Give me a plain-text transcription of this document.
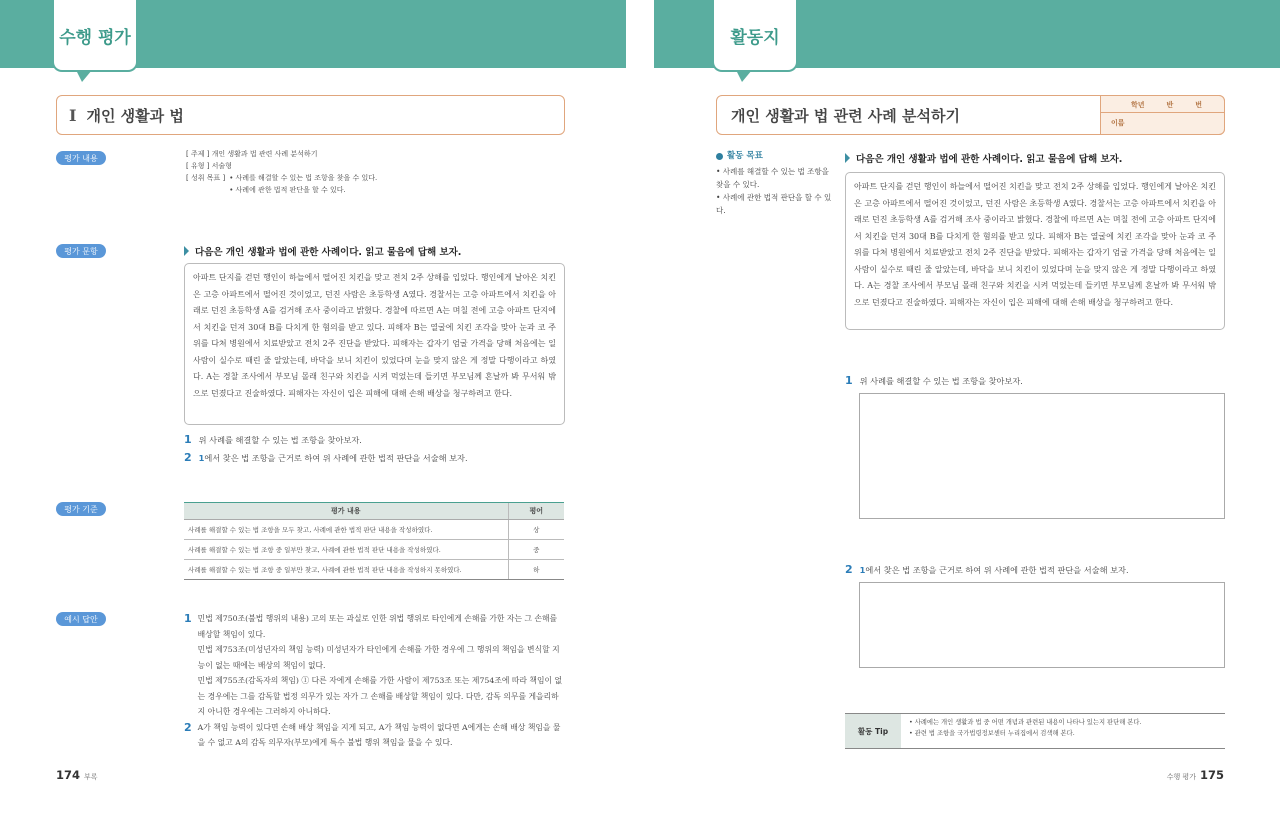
수행 평가
I 개인 생활과 법
평가 내용	[ 주제 ] 개인 생활과 법 관련 사례 분석하기
[ 유형 ] 서술형
[ 성취 목표 ] • 사례를 해결할 수 있는 법 조항을 찾을 수 있다.
• 사례에 관한 법적 판단을 할 수 있다.
평가 문항	다음은 개인 생활과 법에 관한 사례이다. 읽고 물음에 답해 보자.
아파트 단지를 걷던 행인이 하늘에서 떨어진 치킨을 맞고 전치 2주 상해를 입었다. 행인에게 날아온 치킨은 고층 아파트에서 떨어진 것이었고, 던진 사람은 초등학생 A였다. 경찰서는 고층 아파트에서 치킨을 아래로 던진 초등학생 A를 검거해 조사 중이라고 밝혔다. 경찰에 따르면 A는 며칠 전에 고층 아파트 단지에서 치킨을 던져 30대 B를 다치게 한 혐의를 받고 있다. 피해자 B는 열굴에 치킨 조각을 맞아 눈과 코 주위를 다쳐 병원에서 치료받았고 전치 2주 진단을 받았다. 피해자는 갑자기 엄굴 가격을 당해 처음에는 일사람이 실수로 때린 줄 알았는데, 바닥을 보니 치킨이 있었다며 눈을 맞지 않은 게 정말 다행이라고 하였다. A는 경찰 조사에서 부모님 몰래 친구와 치킨을 시켜 먹었는데 들키면 부모님께 혼날까 봐 무서워 밖으로 던졌다고 진술하였다. 피해자는 자신이 입은 피해에 대해 손해 배상을 청구하려고 한다.
1 위 사례를 해결할 수 있는 법 조항을 찾아보자.
2 1에서 찾은 법 조항을 근거로 하여 위 사례에 관한 법적 판단을 서술해 보자.
평가 기준	평가 내용	평어
사례를 해결할 수 있는 법 조항을 모두 찾고, 사례에 관한 법적 판단 내용을 작성하였다.	상
사례를 해결할 수 있는 법 조항 중 일부만 찾고, 사례에 관한 법적 판단 내용을 작성하였다.	중
사례를 해결할 수 있는 법 조항 중 일부만 찾고, 사례에 관한 법적 판단 내용을 작성하지 못하였다.	하
예시 답안	1 민법 제750조(불법 행위의 내용) 고의 또는 과실로 인한 위법 행위로 타인에게 손해를 가한 자는 그 손해를 배상할 책임이 있다.
민법 제753조(미성년자의 책임 능력) 미성년자가 타인에게 손해를 가한 경우에 그 행위의 책임을 변식할 지능이 없는 때에는 배상의 책임이 없다.
민법 제755조(감독자의 책임) ① 다른 자에게 손해를 가한 사람이 제753조 또는 제754조에 따라 책임이 없는 경우에는 그를 감독할 법정 의무가 있는 자가 그 손해를 배상할 책임이 있다. 다만, 감독 의무를 게을리하지 아니한 경우에는 그러하지 아니하다.
2 A가 책임 능력이 있다면 손해 배상 책임을 지게 되고, A가 책임 능력이 없다면 A에게는 손해 배상 책임을 물을 수 없고 A의 감독 의무자(부모)에게 특수 불법 행위 책임을 물을 수 있다.
174 부록
활동지
개인 생활과 법 관련 사례 분석하기
학년	반	번
이름
활동 목표
• 사례를 해결할 수 있는 법 조항을 찾을 수 있다.
• 사례에 관한 법적 판단을 할 수 있다.
다음은 개인 생활과 법에 관한 사례이다. 읽고 물음에 답해 보자.
아파트 단지를 걷던 행인이 하늘에서 떨어진 치킨을 맞고 전치 2주 상해를 입었다. 행인에게 날아온 치킨은 고층 아파트에서 떨어진 것이었고, 던진 사람은 초등학생 A였다. 경찰서는 고층 아파트에서 치킨을 아래로 던진 초등학생 A를 검거해 조사 중이라고 밝혔다. 경찰에 따르면 A는 며칠 전에 고층 아파트 단지에서 치킨을 던져 30대 B를 다치게 한 혐의를 받고 있다. 피해자 B는 열굴에 치킨 조각을 맞아 눈과 코 주위를 다쳐 병원에서 치료받았고 전치 2주 진단을 받았다. 피해자는 갑자기 엄굴 가격을 당해 처음에는 일사람이 실수로 때린 줄 알았는데, 바닥을 보니 치킨이 있었다며 눈을 맞지 않은 게 정말 다행이라고 하였다. A는 경찰 조사에서 부모님 몰래 친구와 치킨을 시켜 먹었는데 들키면 부모님께 혼날까 봐 무서워 밖으로 던졌다고 진술하였다. 피해자는 자신이 입은 피해에 대해 손해 배상을 청구하려고 한다.
1 위 사례를 해결할 수 있는 법 조항을 찾아보자.
2 1에서 찾은 법 조항을 근거로 하여 위 사례에 관한 법적 판단을 서술해 보자.
활동 Tip
• 사례에는 개인 생활과 법 중 어떤 개념과 관련된 내용이 나타나 있는지 판단해 본다.
• 관련 법 조항을 국가법령정보센터 누리집에서 검색해 본다.
수행 평가 175
